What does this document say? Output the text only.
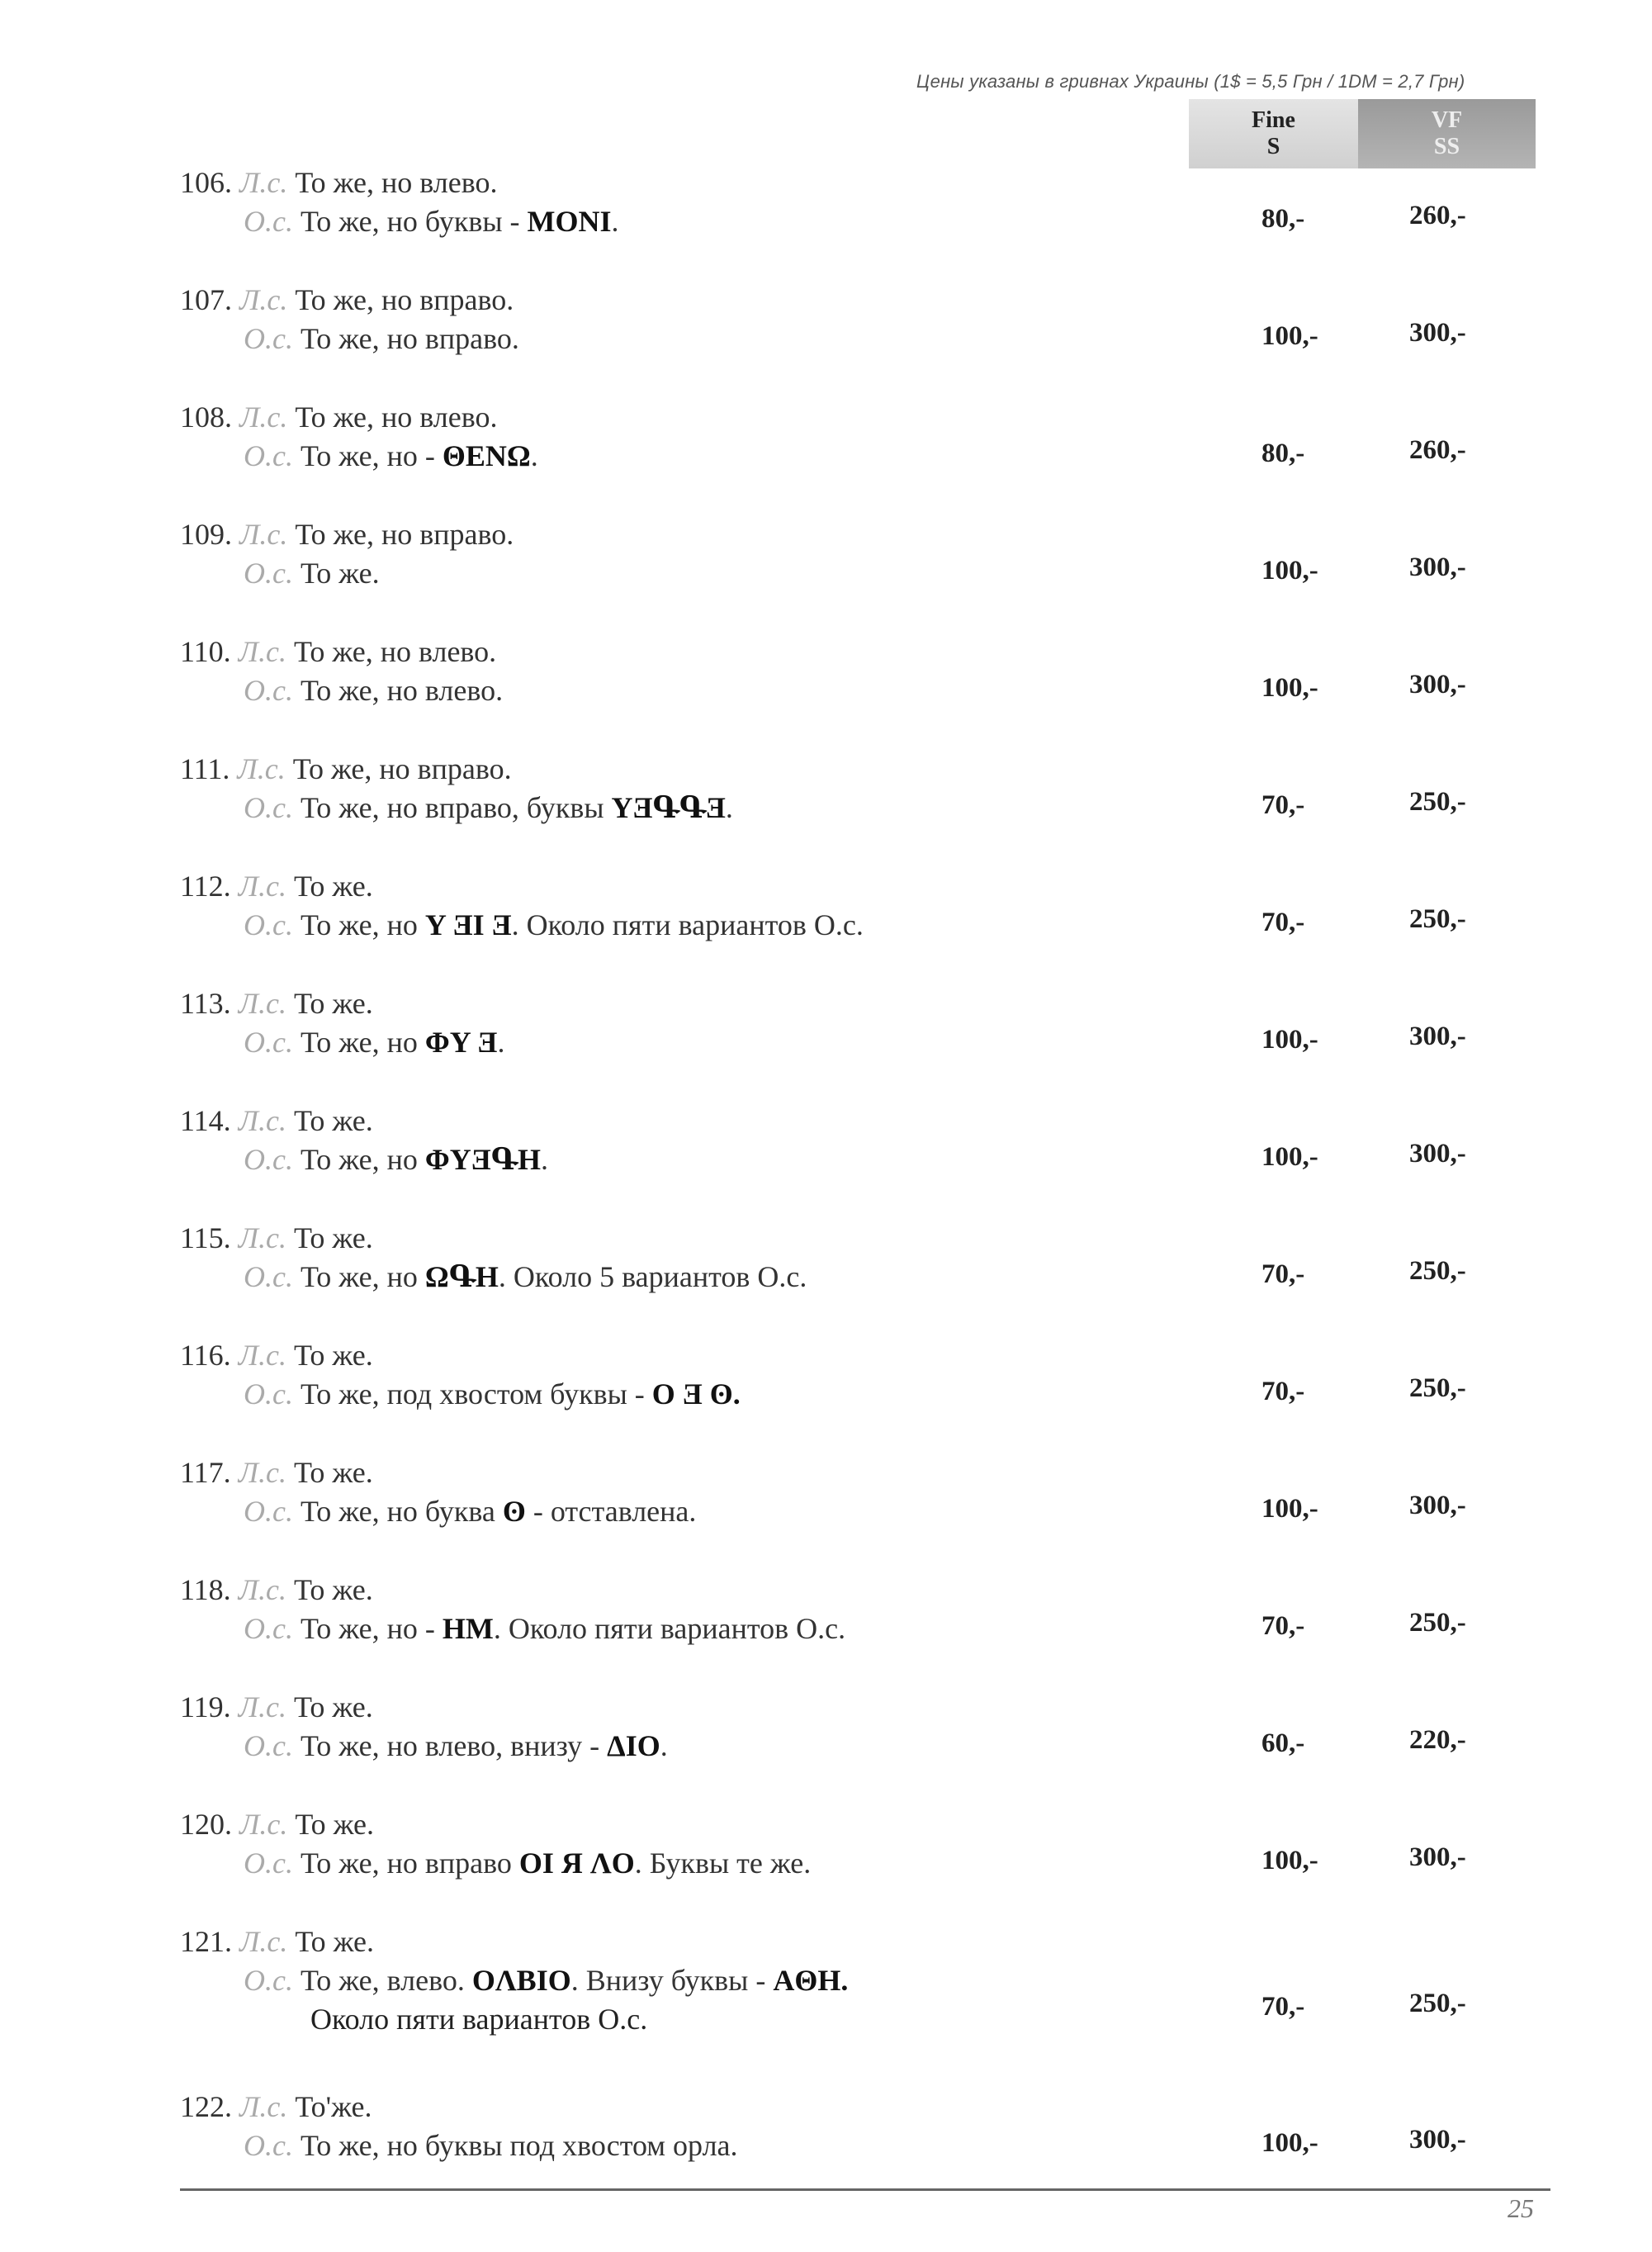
Цены указаны в гривнах Украины (1$ = 5,5 Грн / 1DM = 2,7 Грн)
Fine
S
VF
SS
106. Л.с. То же, но влево.
О.с. То же, но буквы - MONI.	80,-	260,-
107. Л.с. То же, но вправо.
О.с. То же, но вправо.	100,-	300,-
108. Л.с. То же, но влево.
О.с. То же, но - ΘENΩ.	80,-	260,-
109. Л.с. То же, но вправо.
О.с. То же.	100,-	300,-
110. Л.с. То же, но влево.
О.с. То же, но влево.	100,-	300,-
111. Л.с. То же, но вправо.
О.с. То же, но вправо, буквы YƎԳԳƎ.	70,-	250,-
112. Л.с. То же.
О.с. То же, но Y ƎI Ǝ. Около пяти вариантов О.с.	70,-	250,-
113. Л.с. То же.
О.с. То же, но ΦY Ǝ.	100,-	300,-
114. Л.с. То же.
О.с. То же, но ΦYƎԳH.	100,-	300,-
115. Л.с. То же.
О.с. То же, но ΩԳH. Около 5 вариантов О.с.	70,-	250,-
116. Л.с. То же.
О.с. То же, под хвостом буквы - O Ǝ ʘ.	70,-	250,-
117. Л.с. То же.
О.с. То же, но буква ʘ - отставлена.	100,-	300,-
118. Л.с. То же.
О.с. То же, но - HM. Около пяти вариантов О.с.	70,-	250,-
119. Л.с. То же.
О.с. То же, но влево, внизу - ΔIO.	60,-	220,-
120. Л.с. То же.
О.с. То же, но вправо OI Я ΛO. Буквы те же.	100,-	300,-
121. Л.с. То же.
О.с. То же, влево. OΛBIO. Внизу буквы - AΘH.
Около пяти вариантов О.с.	70,-	250,-
122. Л.с. То'же.
О.с. То же, но буквы под хвостом орла.	100,-	300,-
25
